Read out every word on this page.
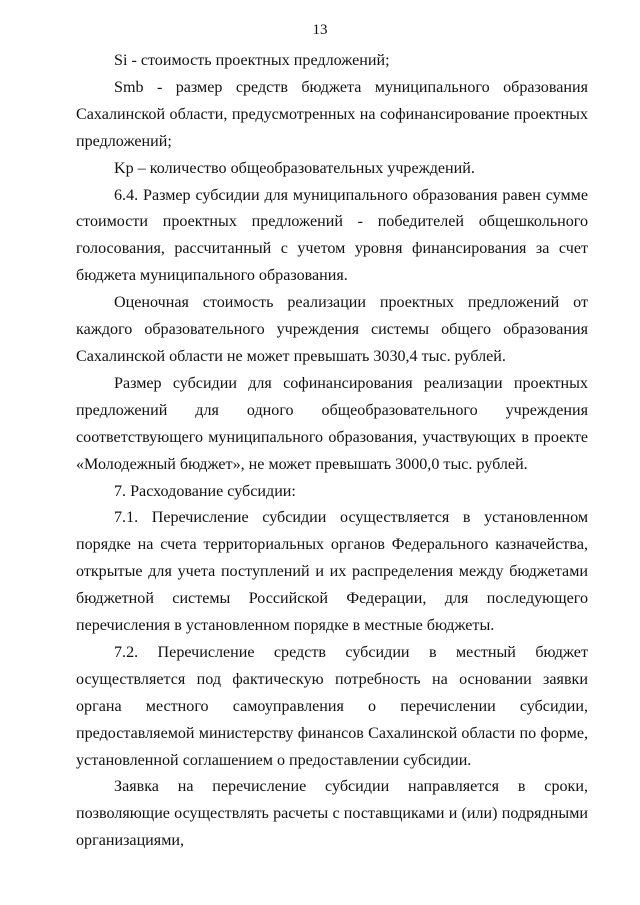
13

Si - стоимость проектных предложений;

Smb - размер средств бюджета муниципального образования Сахалинской области, предусмотренных на софинансирование проектных предложений;

Kp – количество общеобразовательных учреждений.

6.4. Размер субсидии для муниципального образования равен сумме стоимости проектных предложений - победителей общешкольного голосования, рассчитанный с учетом уровня финансирования за счет бюджета муниципального образования.

Оценочная стоимость реализации проектных предложений от каждого образовательного учреждения системы общего образования Сахалинской области не может превышать 3030,4 тыс. рублей.

Размер субсидии для софинансирования реализации проектных предложений для одного общеобразовательного учреждения соответствующего муниципального образования, участвующих в проекте «Молодежный бюджет», не может превышать 3000,0 тыс. рублей.

7. Расходование субсидии:

7.1. Перечисление субсидии осуществляется в установленном порядке на счета территориальных органов Федерального казначейства, открытые для учета поступлений и их распределения между бюджетами бюджетной системы Российской Федерации, для последующего перечисления в установленном порядке в местные бюджеты.

7.2. Перечисление средств субсидии в местный бюджет осуществляется под фактическую потребность на основании заявки органа местного самоуправления о перечислении субсидии, предоставляемой министерству финансов Сахалинской области по форме, установленной соглашением о предоставлении субсидии.

Заявка на перечисление субсидии направляется в сроки, позволяющие осуществлять расчеты с поставщиками и (или) подрядными организациями,
